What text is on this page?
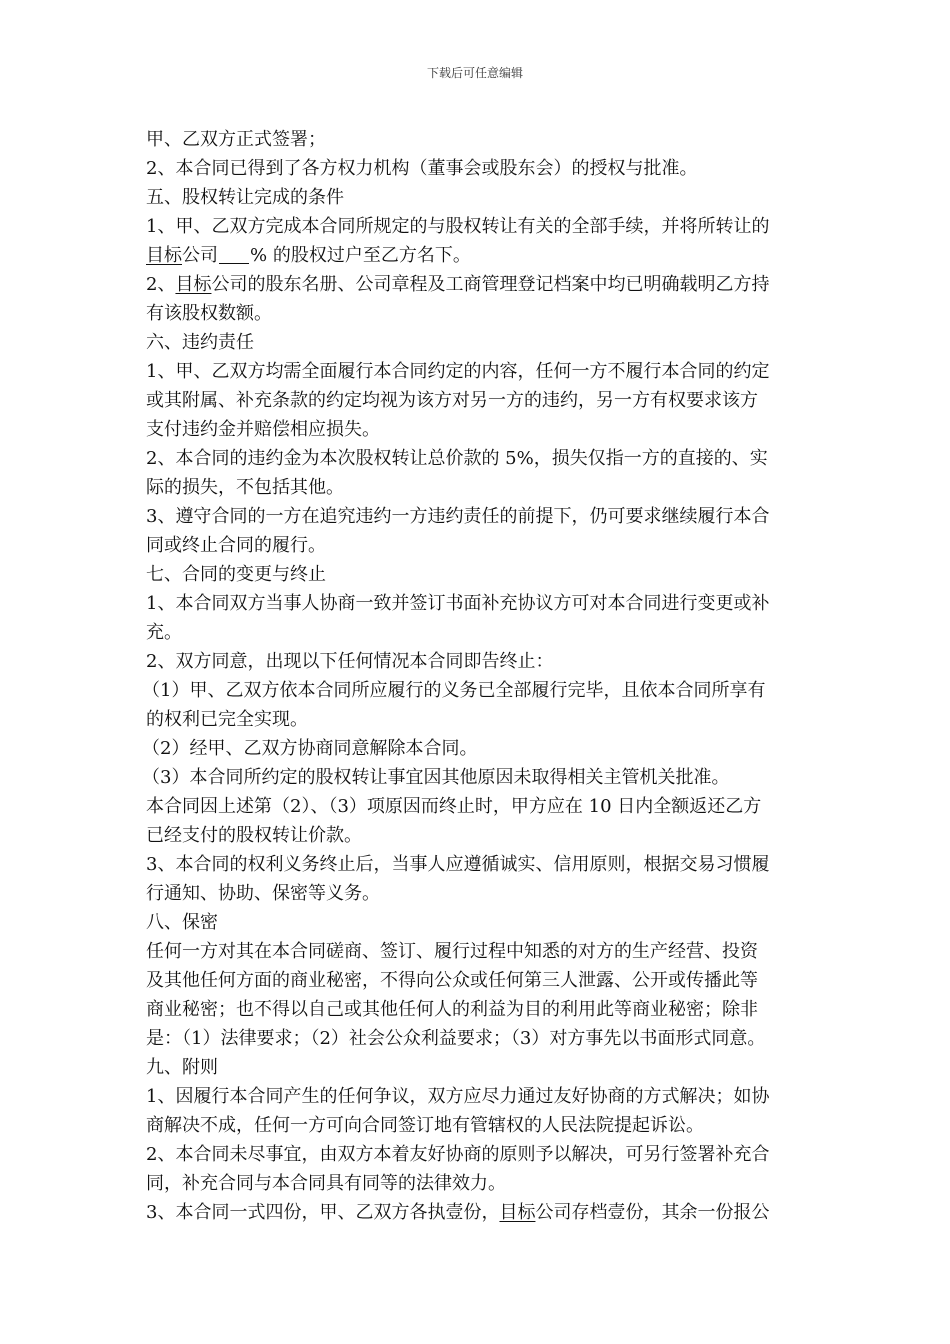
下载后可任意编辑
甲、乙双方正式签署；
2、本合同已得到了各方权力机构（董事会或股东会）的授权与批准。
五、股权转让完成的条件
1、甲、乙双方完成本合同所规定的与股权转让有关的全部手续，并将所转让的
目标公司 % 的股权过户至乙方名下。
2、目标公司的股东名册、公司章程及工商管理登记档案中均已明确载明乙方持
有该股权数额。
六、违约责任
1、甲、乙双方均需全面履行本合同约定的内容，任何一方不履行本合同的约定
或其附属、补充条款的约定均视为该方对另一方的违约，另一方有权要求该方
支付违约金并赔偿相应损失。
2、本合同的违约金为本次股权转让总价款的 5%，损失仅指一方的直接的、实
际的损失，不包括其他。
3、遵守合同的一方在追究违约一方违约责任的前提下，仍可要求继续履行本合
同或终止合同的履行。
七、合同的变更与终止
1、本合同双方当事人协商一致并签订书面补充协议方可对本合同进行变更或补
充。
2、双方同意，出现以下任何情况本合同即告终止：
（1）甲、乙双方依本合同所应履行的义务已全部履行完毕，且依本合同所享有
的权利已完全实现。
（2）经甲、乙双方协商同意解除本合同。
（3）本合同所约定的股权转让事宜因其他原因未取得相关主管机关批准。
本合同因上述第（2）、（3）项原因而终止时，甲方应在 10 日内全额返还乙方
已经支付的股权转让价款。
3、本合同的权利义务终止后，当事人应遵循诚实、信用原则，根据交易习惯履
行通知、协助、保密等义务。
八、保密
任何一方对其在本合同磋商、签订、履行过程中知悉的对方的生产经营、投资
及其他任何方面的商业秘密，不得向公众或任何第三人泄露、公开或传播此等
商业秘密；也不得以自己或其他任何人的利益为目的利用此等商业秘密；除非
是：（1）法律要求；（2）社会公众利益要求；（3）对方事先以书面形式同意。
九、附则
1、因履行本合同产生的任何争议，双方应尽力通过友好协商的方式解决；如协
商解决不成，任何一方可向合同签订地有管辖权的人民法院提起诉讼。
2、本合同未尽事宜，由双方本着友好协商的原则予以解决，可另行签署补充合
同，补充合同与本合同具有同等的法律效力。
3、本合同一式四份，甲、乙双方各执壹份，目标公司存档壹份，其余一份报公
